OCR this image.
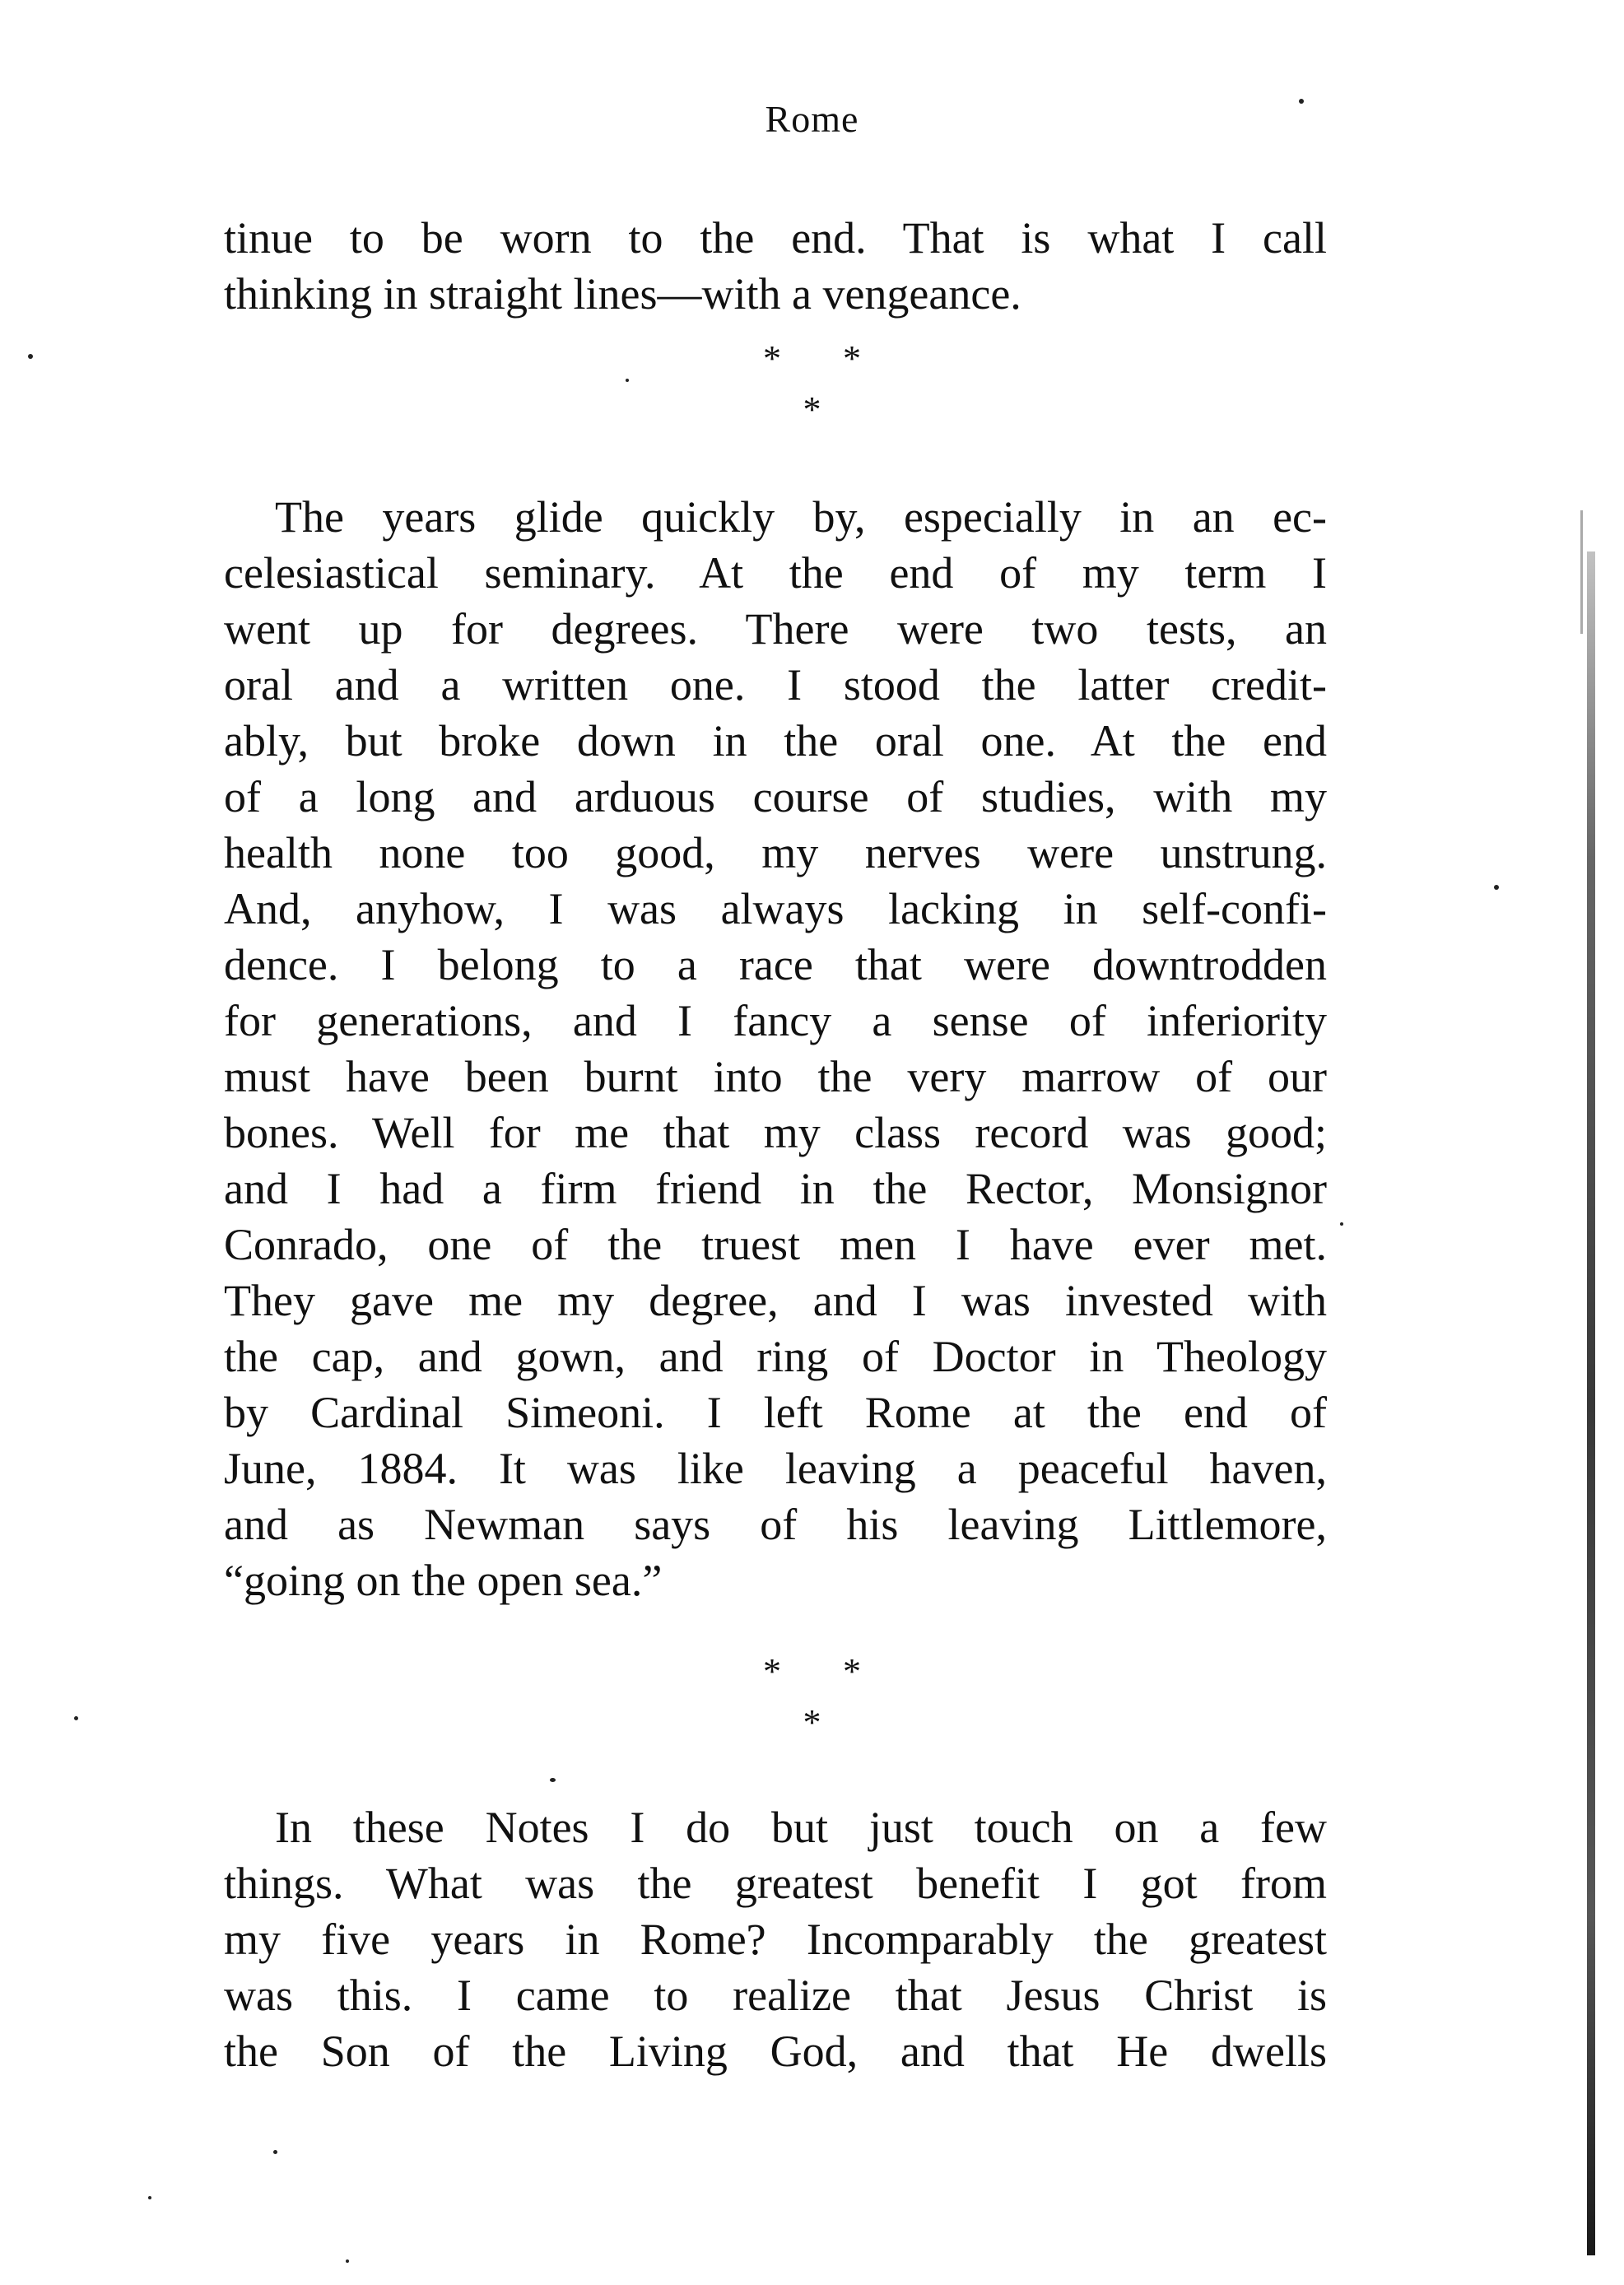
Rome

tinue to be worn to the end. That is what I call

thinking in straight lines—with a vengeance.

* *
*

The years glide quickly by, especially in an ec-

celesiastical seminary. At the end of my term I

went up for degrees. There were two tests, an

oral and a written one. I stood the latter credit-

ably, but broke down in the oral one. At the end

of a long and arduous course of studies, with my

health none too good, my nerves were unstrung.

And, anyhow, I was always lacking in self-confi-

dence. I belong to a race that were downtrodden

for generations, and I fancy a sense of inferiority

must have been burnt into the very marrow of our

bones. Well for me that my class record was good;

and I had a firm friend in the Rector, Monsignor

Conrado, one of the truest men I have ever met.

They gave me my degree, and I was invested with

the cap, and gown, and ring of Doctor in Theology

by Cardinal Simeoni. I left Rome at the end of

June, 1884. It was like leaving a peaceful haven,

and as Newman says of his leaving Littlemore,

“going on the open sea.”

* *
*

In these Notes I do but just touch on a few

things. What was the greatest benefit I got from

my five years in Rome? Incomparably the greatest

was this. I came to realize that Jesus Christ is

the Son of the Living God, and that He dwells
